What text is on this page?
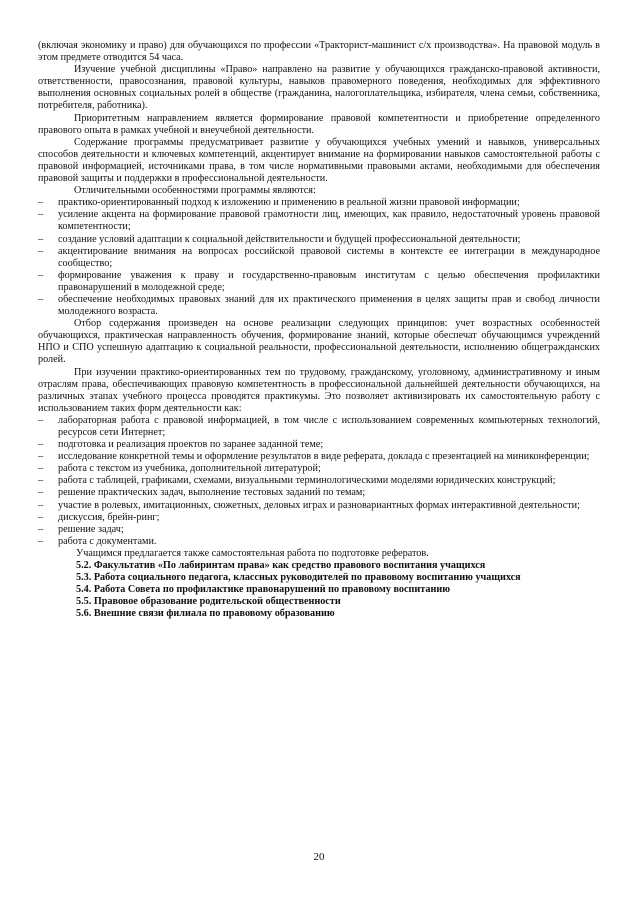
(включая экономику и право) для обучающихся по профессии «Тракторист-машинист с/х производства». На правовой модуль в этом предмете отводится 54 часа.

Изучение учебной дисциплины «Право» направлено на развитие у обучающихся гражданско-правовой активности, ответственности, правосознания, правовой культуры, навыков правомерного поведения, необходимых для эффективного выполнения основных социальных ролей в обществе (гражданина, налогоплательщика, избирателя, члена семьи, собственника, потребителя, работника).

Приоритетным направлением является формирование правовой компетентности и приобретение определенного правового опыта в рамках учебной и внеучебной деятельности.

Содержание программы предусматривает развитие у обучающихся учебных умений и навыков, универсальных способов деятельности и ключевых компетенций, акцентирует внимание на формировании навыков самостоятельной работы с правовой информацией, источниками права, в том числе нормативными правовыми актами, необходимыми для обеспечения правовой защиты и поддержки в профессиональной деятельности.

Отличительными особенностями программы являются:

– практико-ориентированный подход к изложению и применению в реальной жизни правовой информации;

– усиление акцента на формирование правовой грамотности лиц, имеющих, как правило, недостаточный уровень правовой компетентности;

– создание условий адаптации к социальной действительности и будущей профессиональной деятельности;

– акцентирование внимания на вопросах российской правовой системы в контексте ее интеграции в международное сообщество;

– формирование уважения к праву и государственно-правовым институтам с целью обеспечения профилактики правонарушений в молодежной среде;

– обеспечение необходимых правовых знаний для их практического применения в целях защиты прав и свобод личности молодежного возраста.

Отбор содержания произведен на основе реализации следующих принципов: учет возрастных особенностей обучающихся, практическая направленность обучения, формирование знаний, которые обеспечат обучающимся учреждений НПО и СПО успешную адаптацию к социальной реальности, профессиональной деятельности, исполнению общегражданских ролей.

При изучении практико-ориентированных тем по трудовому, гражданскому, уголовному, административному и иным отраслям права, обеспечивающих правовую компетентность в профессиональной дальнейшей деятельности обучающихся, на различных этапах учебного процесса проводятся практикумы. Это позволяет активизировать их самостоятельную работу с использованием таких форм деятельности как:

– лабораторная работа с правовой информацией, в том числе с использованием современных компьютерных технологий, ресурсов сети Интернет;

– подготовка и реализация проектов по заранее заданной теме;

– исследование конкретной темы и оформление результатов в виде реферата, доклада с презентацией на миниконференции;

– работа с текстом из учебника, дополнительной литературой;

– работа с таблицей, графиками, схемами, визуальными терминологическими моделями юридических конструкций;

– решение практических задач, выполнение тестовых заданий по темам;

– участие в ролевых, имитационных, сюжетных, деловых играх и разновариантных формах интерактивной деятельности;

– дискуссия, брейн-ринг;

– решение задач;

– работа с документами.

Учащимся предлагается также самостоятельная работа по подготовке рефератов.

5.2. Факультатив «По лабиринтам права» как средство правового воспитания учащихся

5.3. Работа социального педагога, классных руководителей по правовому воспитанию учащихся

5.4. Работа Совета по профилактике правонарушений по правовому воспитанию

5.5. Правовое образование родительской общественности

5.6. Внешние связи филиала по правовому образованию

20
